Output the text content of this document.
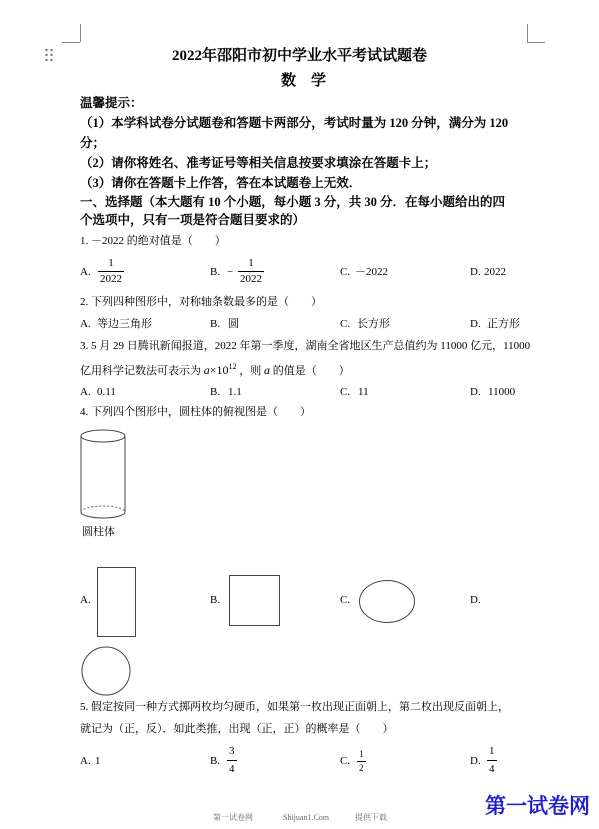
2022年邵阳市初中学业水平考试试题卷
数　学
温馨提示：
（1）本学科试卷分试题卷和答题卡两部分，考试时量为 120 分钟，满分为 120
分；
（2）请你将姓名、准考证号等相关信息按要求填涂在答题卡上；
（3）请你在答题卡上作答，答在本试题卷上无效．
一、选择题（本大题有 10 个小题，每小题 3 分，共 30 分．在每小题给出的四
个选项中，只有一项是符合题目要求的）
1. －2022 的绝对值是（　　）
A. $\frac{1}{2022}$	B. − $\frac{1}{2022}$	C. －2022	D. 2022
2. 下列四种图形中，对称轴条数最多的是（　　）
A. 等边三角形	B. 圆	C. 长方形	D. 正方形
3. 5 月 29 日腾讯新闻报道，2022 年第一季度，湖南全省地区生产总值约为 11000 亿元，11000
亿用科学记数法可表示为 $a\times 10^{12}$ ，则 a 的值是（　　）
A. 0.11	B. 1.1	C. 11	D. 11000
4. 下列四个图形中，圆柱体的俯视图是（　　）
圆柱体
A.	B.	C.	D.
5. 假定按同一种方式掷两枚均匀硬币，如果第一枚出现正面朝上，第二枚出现反面朝上，
就记为（正，反）．如此类推，出现（正，正）的概率是（　　）
A. 1	B. $\frac{3}{4}$	C. $\frac{1}{2}$	D. $\frac{1}{4}$
第一试卷网	Shijuan1.Com	提供下载	第一试卷网
